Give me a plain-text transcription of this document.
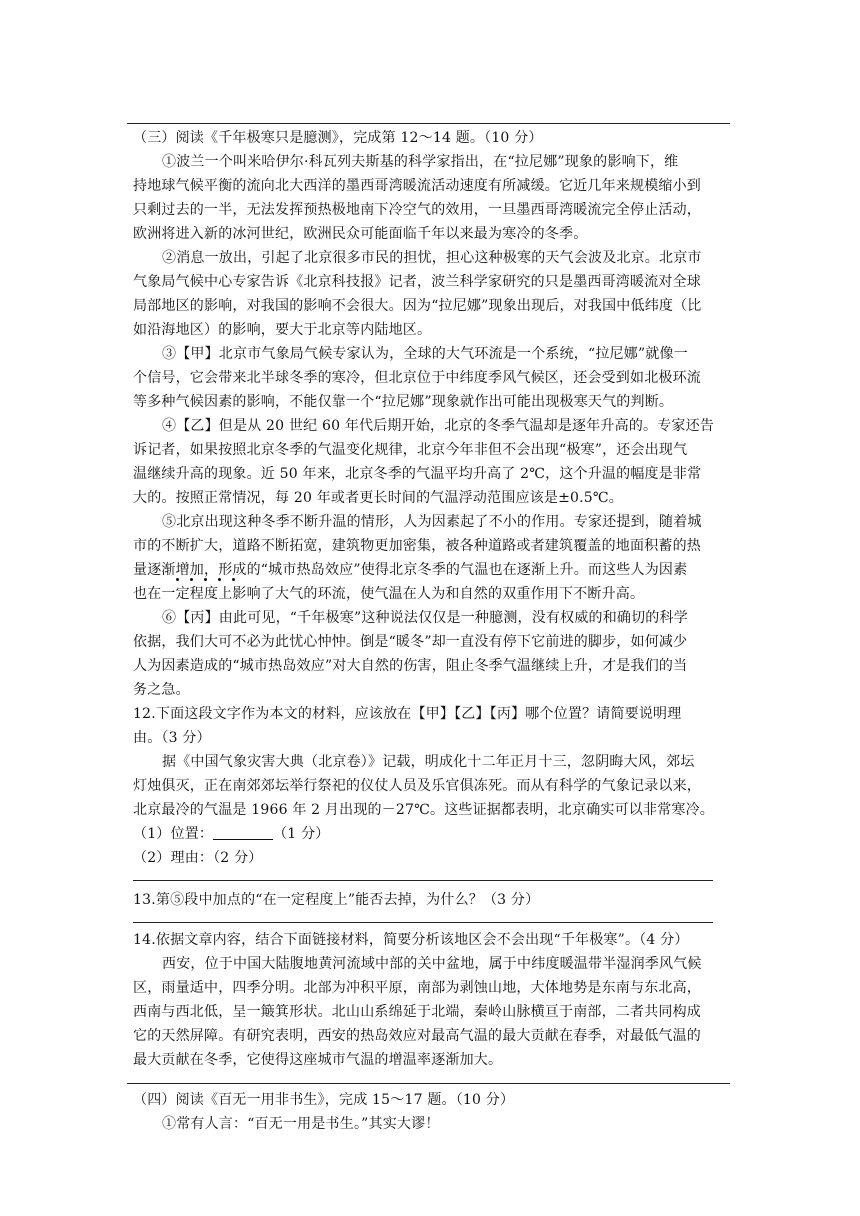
（三）阅读《千年极寒只是臆测》，完成第 12～14 题。（10 分）
①波兰一个叫米哈伊尔·科瓦列夫斯基的科学家指出，在“拉尼娜”现象的影响下，维
持地球气候平衡的流向北大西洋的墨西哥湾暖流活动速度有所减缓。它近几年来规模缩小到
只剩过去的一半，无法发挥预热极地南下冷空气的效用，一旦墨西哥湾暖流完全停止活动，
欧洲将进入新的冰河世纪，欧洲民众可能面临千年以来最为寒冷的冬季。
②消息一放出，引起了北京很多市民的担忧，担心这种极寒的天气会波及北京。北京市
气象局气候中心专家告诉《北京科技报》记者，波兰科学家研究的只是墨西哥湾暖流对全球
局部地区的影响，对我国的影响不会很大。因为“拉尼娜”现象出现后，对我国中低纬度（比
如沿海地区）的影响，要大于北京等内陆地区。
③【甲】北京市气象局气候专家认为，全球的大气环流是一个系统，“拉尼娜”就像一
个信号，它会带来北半球冬季的寒冷，但北京位于中纬度季风气候区，还会受到如北极环流
等多种气候因素的影响，不能仅靠一个“拉尼娜”现象就作出可能出现极寒天气的判断。
④【乙】但是从 20 世纪 60 年代后期开始，北京的冬季气温却是逐年升高的。专家还告
诉记者，如果按照北京冬季的气温变化规律，北京今年非但不会出现“极寒”，还会出现气
温继续升高的现象。近 50 年来，北京冬季的气温平均升高了 2℃，这个升温的幅度是非常
大的。按照正常情况，每 20 年或者更长时间的气温浮动范围应该是±0.5℃。
⑤北京出现这种冬季不断升温的情形，人为因素起了不小的作用。专家还提到，随着城
市的不断扩大，道路不断拓宽，建筑物更加密集，被各种道路或者建筑覆盖的地面积蓄的热
量逐渐增加，形成的“城市热岛效应”使得北京冬季的气温也在逐渐上升。而这些人为因素
也在一定程度上影响了大气的环流，使气温在人为和自然的双重作用下不断升高。
⑥【丙】由此可见，“千年极寒”这种说法仅仅是一种臆测，没有权威的和确切的科学
依据，我们大可不必为此忧心忡忡。倒是“暖冬”却一直没有停下它前进的脚步，如何减少
人为因素造成的“城市热岛效应”对大自然的伤害，阻止冬季气温继续上升，才是我们的当
务之急。
12.下面这段文字作为本文的材料，应该放在【甲】【乙】【丙】哪个位置？请简要说明理
由。（3 分）
据《中国气象灾害大典（北京卷）》记载，明成化十二年正月十三，忽阴晦大风，郊坛
灯烛俱灭，正在南郊郊坛举行祭祀的仪仗人员及乐官俱冻死。而从有科学的气象记录以来，
北京最冷的气温是 1966 年 2 月出现的－27℃。这些证据都表明，北京确实可以非常寒冷。
（1）位置：	（1 分）
（2）理由：（2 分）
13.第⑤段中加点的“在一定程度上”能否去掉，为什么？（3 分）
14.依据文章内容，结合下面链接材料，简要分析该地区会不会出现“千年极寒”。（4 分）
西安，位于中国大陆腹地黄河流域中部的关中盆地，属于中纬度暖温带半湿润季风气候
区，雨量适中，四季分明。北部为冲积平原，南部为剥蚀山地，大体地势是东南与东北高，
西南与西北低，呈一簸箕形状。北山山系绵延于北端，秦岭山脉横亘于南部，二者共同构成
它的天然屏障。有研究表明，西安的热岛效应对最高气温的最大贡献在春季，对最低气温的
最大贡献在冬季，它使得这座城市气温的增温率逐渐加大。
（四）阅读《百无一用非书生》，完成 15～17 题。（10 分）
①常有人言：“百无一用是书生。”其实大谬！
